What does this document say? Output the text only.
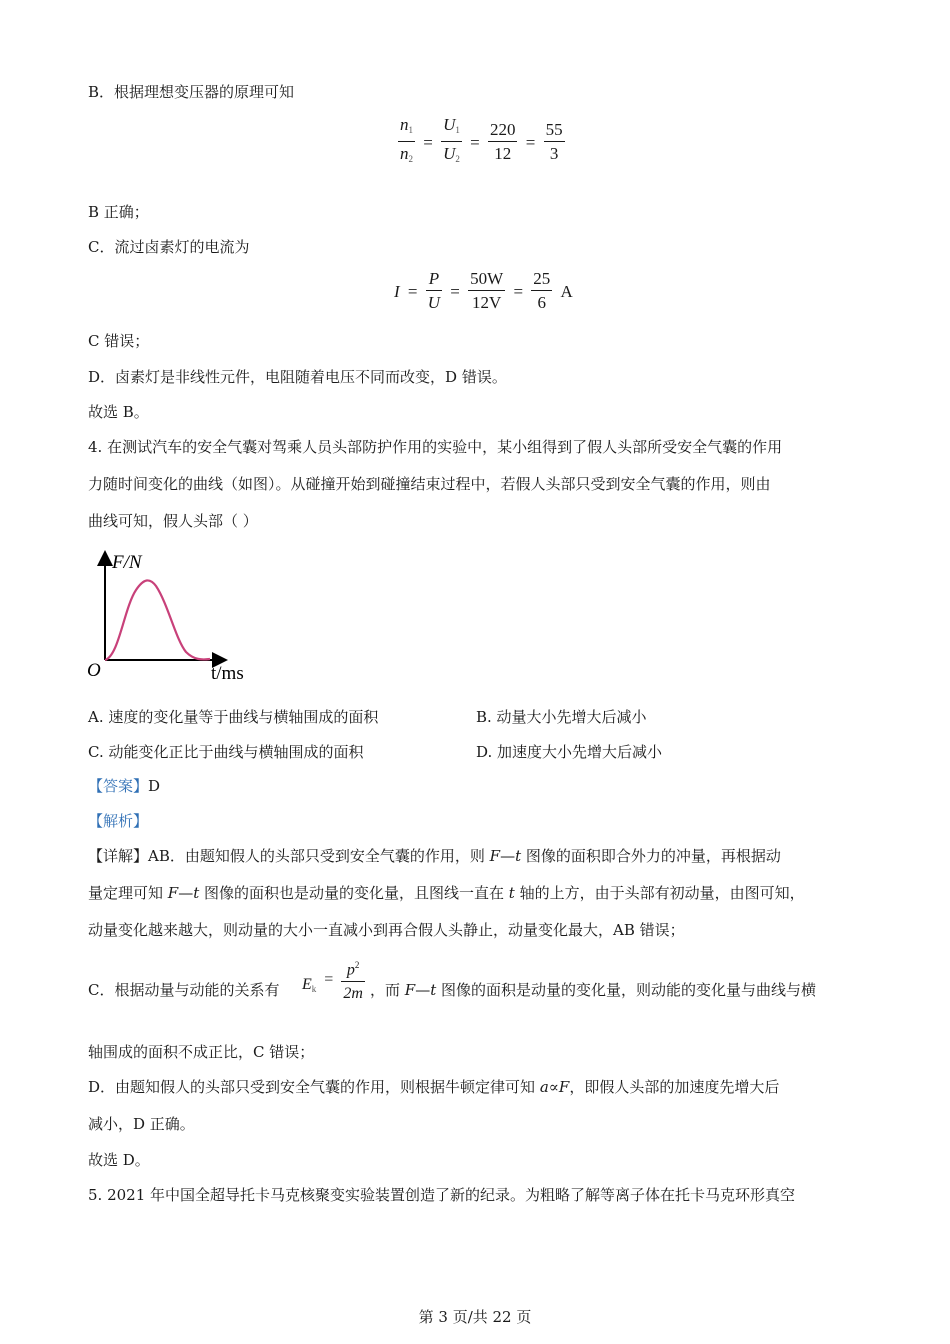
B．根据理想变压器的原理可知
$\frac{n_1}{n_2} = \frac{U_1}{U_2} = \frac{220}{12} = \frac{55}{3}$
B 正确；
C．流过卤素灯的电流为
$I = \frac{P}{U} = \frac{50W}{12V} = \frac{25}{6}$ A
C 错误；
D．卤素灯是非线性元件，电阻随着电压不同而改变，D 错误。
故选 B。
4. 在测试汽车的安全气囊对驾乘人员头部防护作用的实验中，某小组得到了假人头部所受安全气囊的作用
力随时间变化的曲线（如图）。从碰撞开始到碰撞结束过程中，若假人头部只受到安全气囊的作用，则由
曲线可知，假人头部（ ）
F/N
O	t/ms
A. 速度的变化量等于曲线与横轴围成的面积	B. 动量大小先增大后减小
C. 动能变化正比于曲线与横轴围成的面积	D. 加速度大小先增大后减小
【答案】D
【解析】
【详解】AB．由题知假人的头部只受到安全气囊的作用，则 F—t 图像的面积即合外力的冲量，再根据动
量定理可知 F—t 图像的面积也是动量的变化量，且图线一直在 t 轴的上方，由于头部有初动量，由图可知，
动量变化越来越大，则动量的大小一直减小到再合假人头静止，动量变化最大，AB 错误；
C．根据动量与动能的关系有 $E_k = \frac{p^2}{2m}$ ，而 F—t 图像的面积是动量的变化量，则动能的变化量与曲线与横
轴围成的面积不成正比，C 错误；
D．由题知假人的头部只受到安全气囊的作用，则根据牛顿定律可知 a∝F，即假人头部的加速度先增大后
减小，D 正确。
故选 D。
5. 2021 年中国全超导托卡马克核聚变实验装置创造了新的纪录。为粗略了解等离子体在托卡马克环形真空
第 3 页/共 22 页
